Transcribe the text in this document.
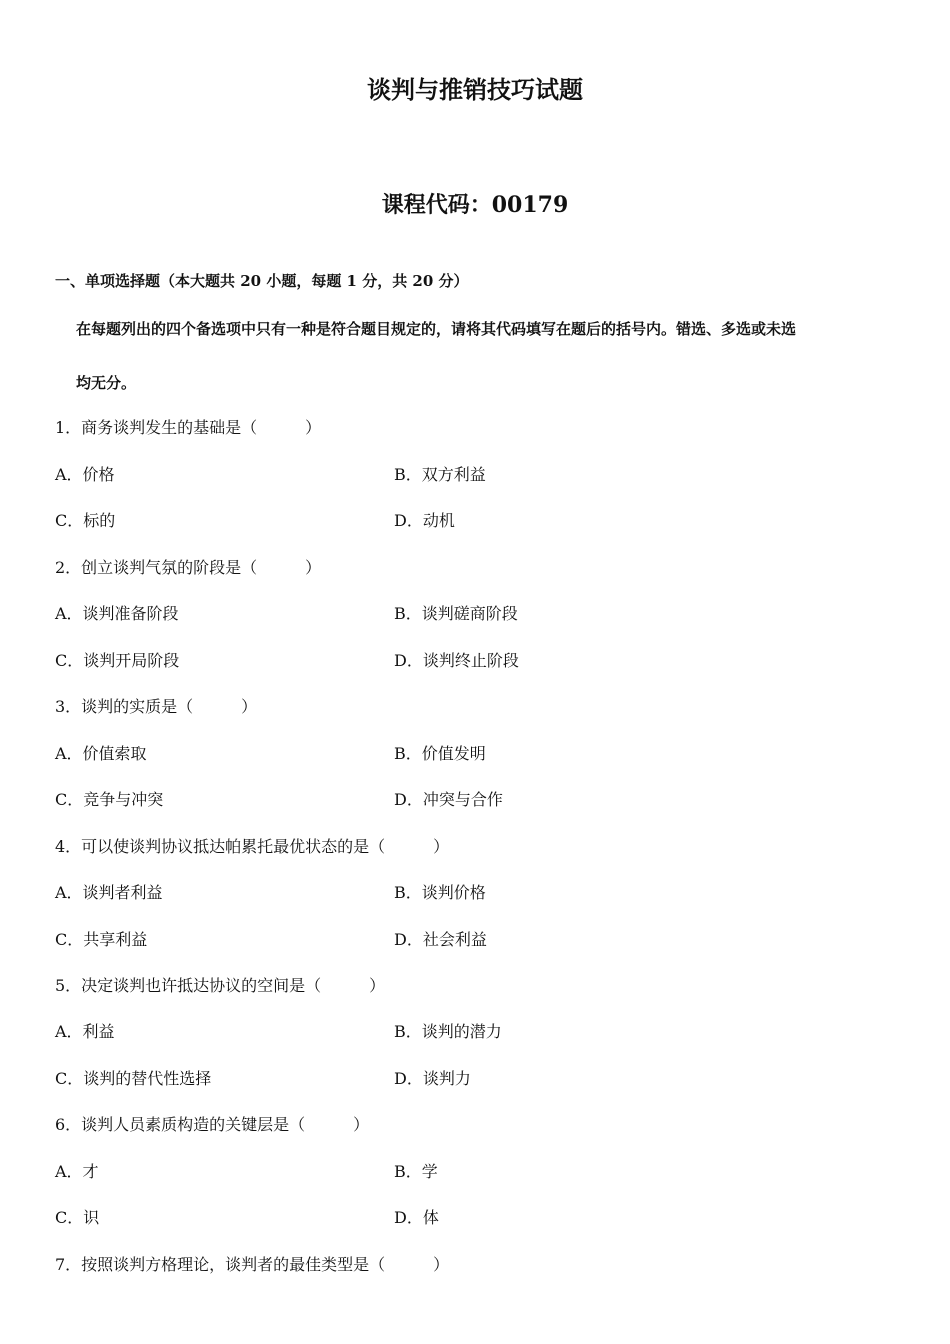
谈判与推销技巧试题
课程代码：00179
一、单项选择题（本大题共 20 小题，每题 1 分，共 20 分）
在每题列出的四个备选项中只有一种是符合题目规定的，请将其代码填写在题后的括号内。错选、多选或未选
均无分。
1．商务谈判发生的基础是（　　　）
A．价格	B．双方利益
C．标的	D．动机
2．创立谈判气氛的阶段是（　　　）
A．谈判准备阶段	B．谈判磋商阶段
C．谈判开局阶段	D．谈判终止阶段
3．谈判的实质是（　　　）
A．价值索取	B．价值发明
C．竞争与冲突	D．冲突与合作
4．可以使谈判协议抵达帕累托最优状态的是（　　　）
A．谈判者利益	B．谈判价格
C．共享利益	D．社会利益
5．决定谈判也许抵达协议的空间是（　　　）
A．利益	B．谈判的潜力
C．谈判的替代性选择	D．谈判力
6．谈判人员素质构造的关键层是（　　　）
A．才	B．学
C．识	D．体
7．按照谈判方格理论，谈判者的最佳类型是（　　　）
